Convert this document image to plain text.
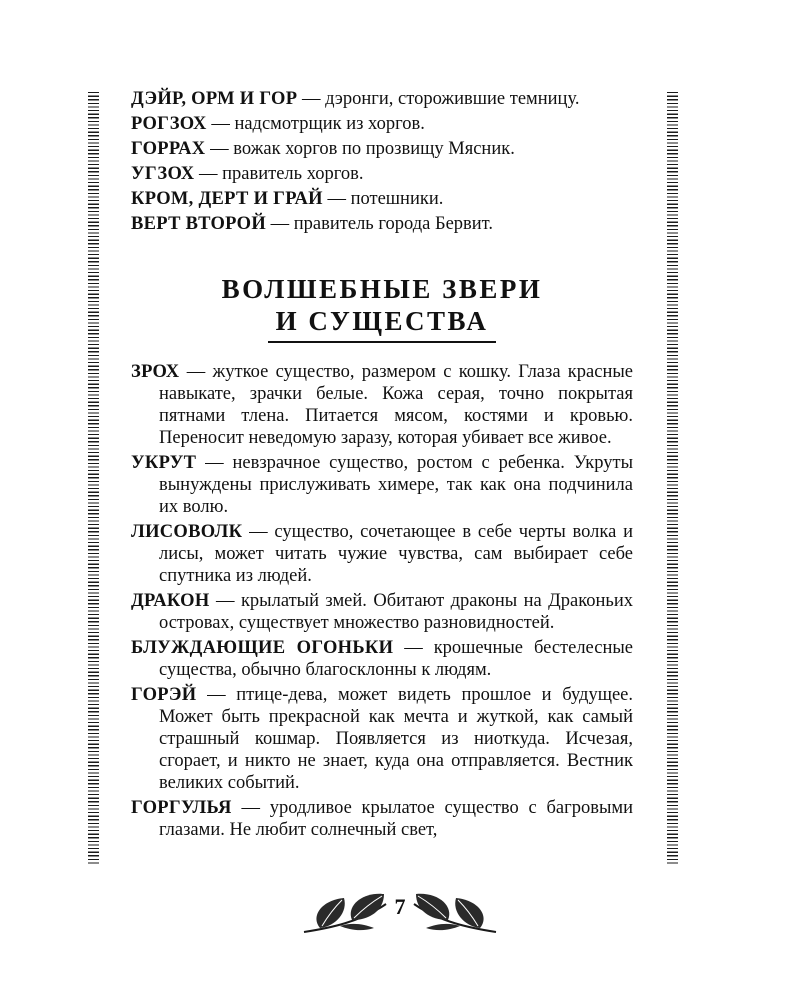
ДЭЙР, ОРМ И ГОР — дэронги, сторожившие темницу.

РОГЗОХ — надсмотрщик из хоргов.

ГОРРАХ — вожак хоргов по прозвищу Мясник.

УГЗОХ — правитель хоргов.

КРОМ, ДЕРТ И ГРАЙ — потешники.

ВЕРТ ВТОРОЙ — правитель города Бервит.

ВОЛШЕБНЫЕ ЗВЕРИ
И СУЩЕСТВА

ЗРОХ — жуткое существо, размером с кошку. Глаза красные навыкате, зрачки белые. Кожа серая, точно покрытая пятнами тлена. Питается мясом, костями и кровью. Переносит неведомую заразу, которая убивает все живое.

УКРУТ — невзрачное существо, ростом с ребенка. Укруты вынуждены прислуживать химере, так как она подчинила их волю.

ЛИСОВОЛК — существо, сочетающее в себе черты волка и лисы, может читать чужие чувства, сам выбирает себе спутника из людей.

ДРАКОН — крылатый змей. Обитают драконы на Драконьих островах, существует множество разновидностей.

БЛУЖДАЮЩИЕ ОГОНЬКИ — крошечные бестелесные существа, обычно благосклонны к людям.

ГОРЭЙ — птице-дева, может видеть прошлое и будущее. Может быть прекрасной как мечта и жуткой, как самый страшный кошмар. Появляется из ниоткуда. Исчезая, сгорает, и никто не знает, куда она отправляется. Вестник великих событий.

ГОРГУЛЬЯ — уродливое крылатое существо с багровыми глазами. Не любит солнечный свет,

7
